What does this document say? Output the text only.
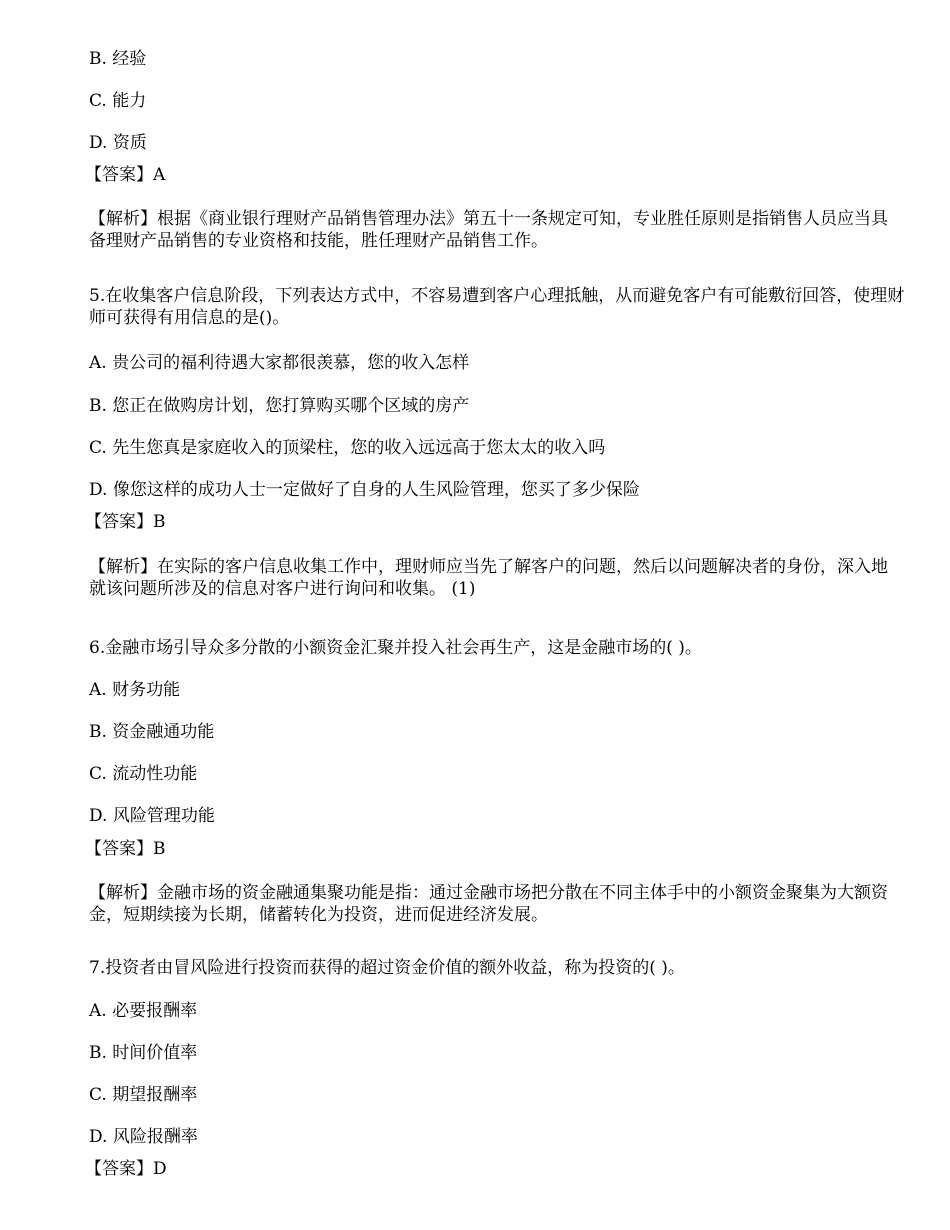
B. 经验
C. 能力
D. 资质
【答案】A
【解析】根据《商业银行理财产品销售管理办法》第五十一条规定可知，专业胜任原则是指销售人员应当具备理财产品销售的专业资格和技能，胜任理财产品销售工作。
5.在收集客户信息阶段，下列表达方式中，不容易遭到客户心理抵触，从而避免客户有可能敷衍回答，使理财师可获得有用信息的是()。
A. 贵公司的福利待遇大家都很羡慕，您的收入怎样
B. 您正在做购房计划，您打算购买哪个区域的房产
C. 先生您真是家庭收入的顶梁柱，您的收入远远高于您太太的收入吗
D. 像您这样的成功人士一定做好了自身的人生风险管理，您买了多少保险
【答案】B
【解析】在实际的客户信息收集工作中，理财师应当先了解客户的问题，然后以问题解决者的身份，深入地就该问题所涉及的信息对客户进行询问和收集。 (1)
6.金融市场引导众多分散的小额资金汇聚并投入社会再生产，这是金融市场的( )。
A. 财务功能
B. 资金融通功能
C. 流动性功能
D. 风险管理功能
【答案】B
【解析】金融市场的资金融通集聚功能是指：通过金融市场把分散在不同主体手中的小额资金聚集为大额资金，短期续接为长期，储蓄转化为投资，进而促进经济发展。
7.投资者由冒风险进行投资而获得的超过资金价值的额外收益，称为投资的( )。
A. 必要报酬率
B. 时间价值率
C. 期望报酬率
D. 风险报酬率
【答案】D
